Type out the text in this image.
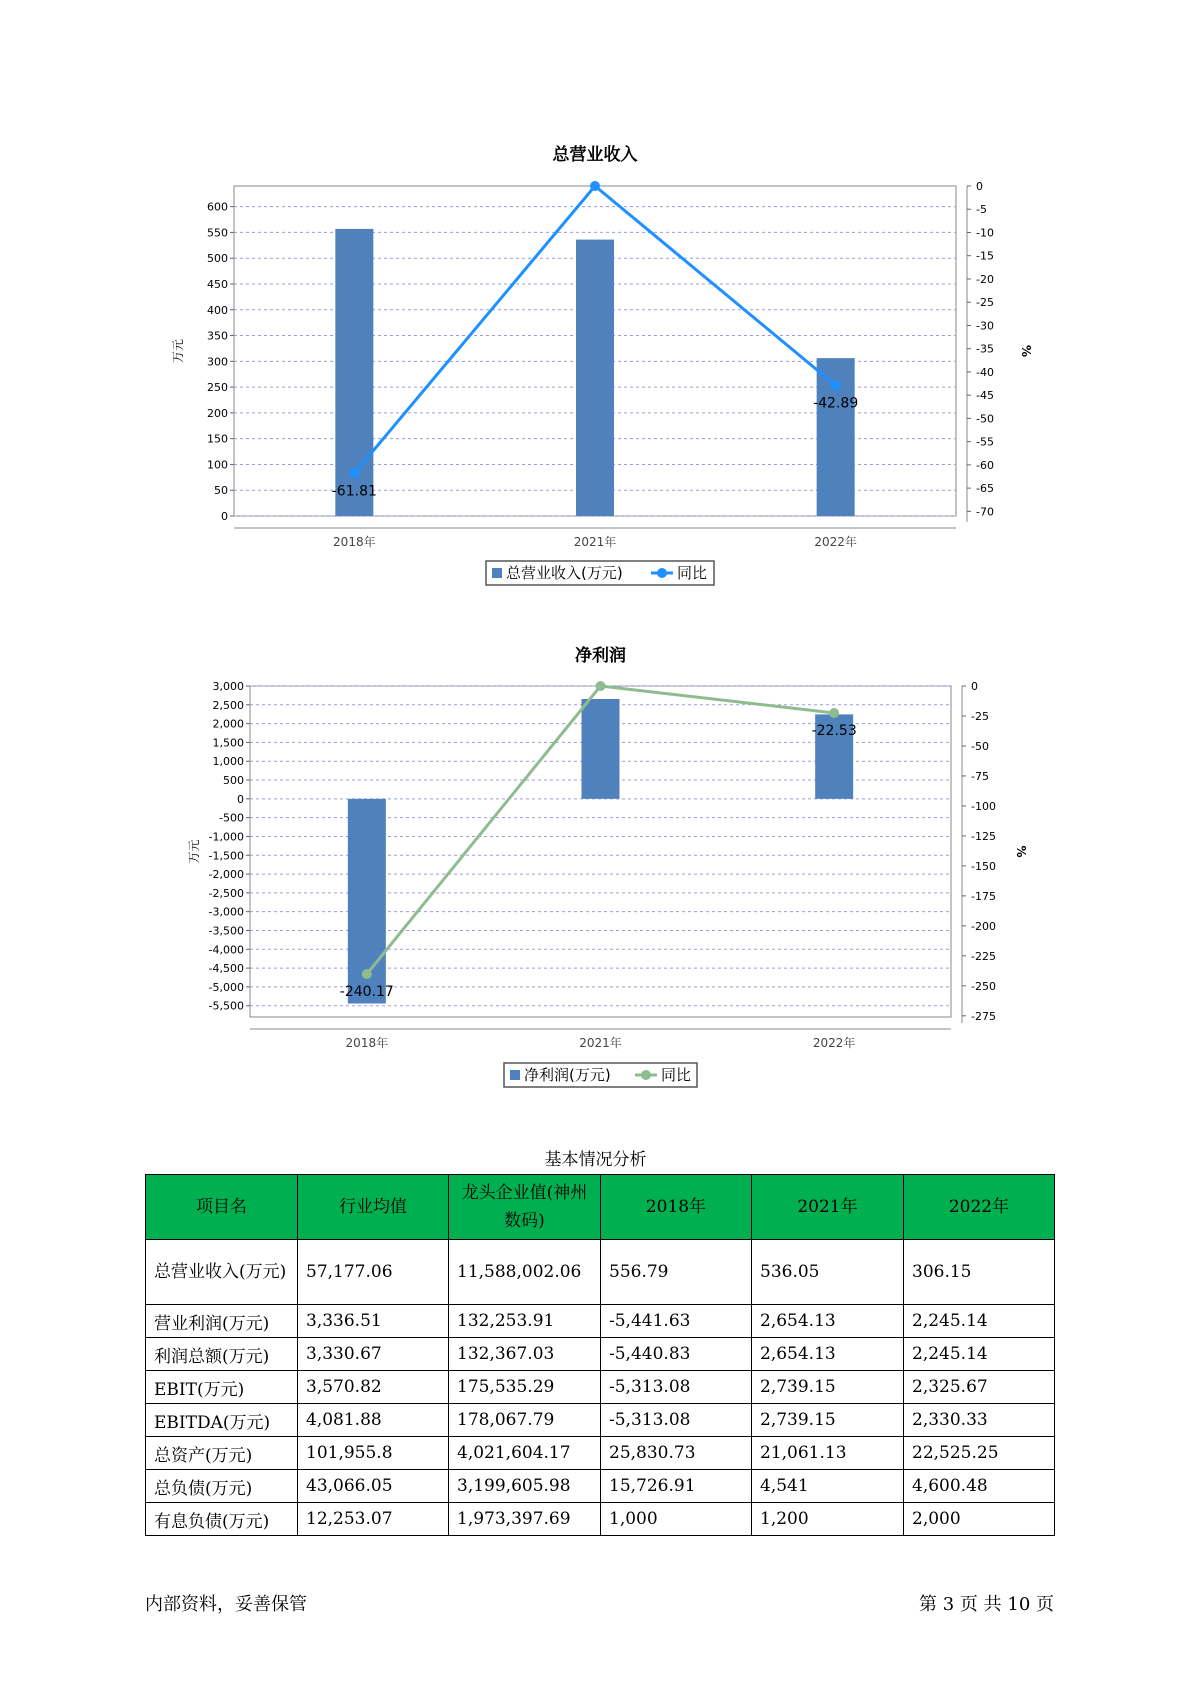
总营业收入
600
550
500
450
400
350
300
250
200
150
100
50
0
0
-5
-10
-15
-20
-25
-30
-35
-40
-45
-50
-55
-60
-65
-70
万元	%
2018年	2021年	2022年
-61.81
-42.89
总营业收入(万元)	同比
净利润
3,000
2,500
2,000
1,500
1,000
500
0
-500
-1,000
-1,500
-2,000
-2,500
-3,000
-3,500
-4,000
-4,500
-5,000
-5,500
0
-25
-50
-75
-100
-125
-150
-175
-200
-225
-250
-275
万元	%
2018年	2021年	2022年
-240.17
-22.53
净利润(万元)	同比
基本情况分析
项目名	行业均值	龙头企业值(神州数码)	2018年	2021年	2022年
总营业收入(万元)	57,177.06	11,588,002.06	556.79	536.05	306.15
营业利润(万元)	3,336.51	132,253.91	-5,441.63	2,654.13	2,245.14
利润总额(万元)	3,330.67	132,367.03	-5,440.83	2,654.13	2,245.14
EBIT(万元)	3,570.82	175,535.29	-5,313.08	2,739.15	2,325.67
EBITDA(万元)	4,081.88	178,067.79	-5,313.08	2,739.15	2,330.33
总资产(万元)	101,955.8	4,021,604.17	25,830.73	21,061.13	22,525.25
总负债(万元)	43,066.05	3,199,605.98	15,726.91	4,541	4,600.48
有息负债(万元)	12,253.07	1,973,397.69	1,000	1,200	2,000
内部资料，妥善保管	第 3 页 共 10 页
